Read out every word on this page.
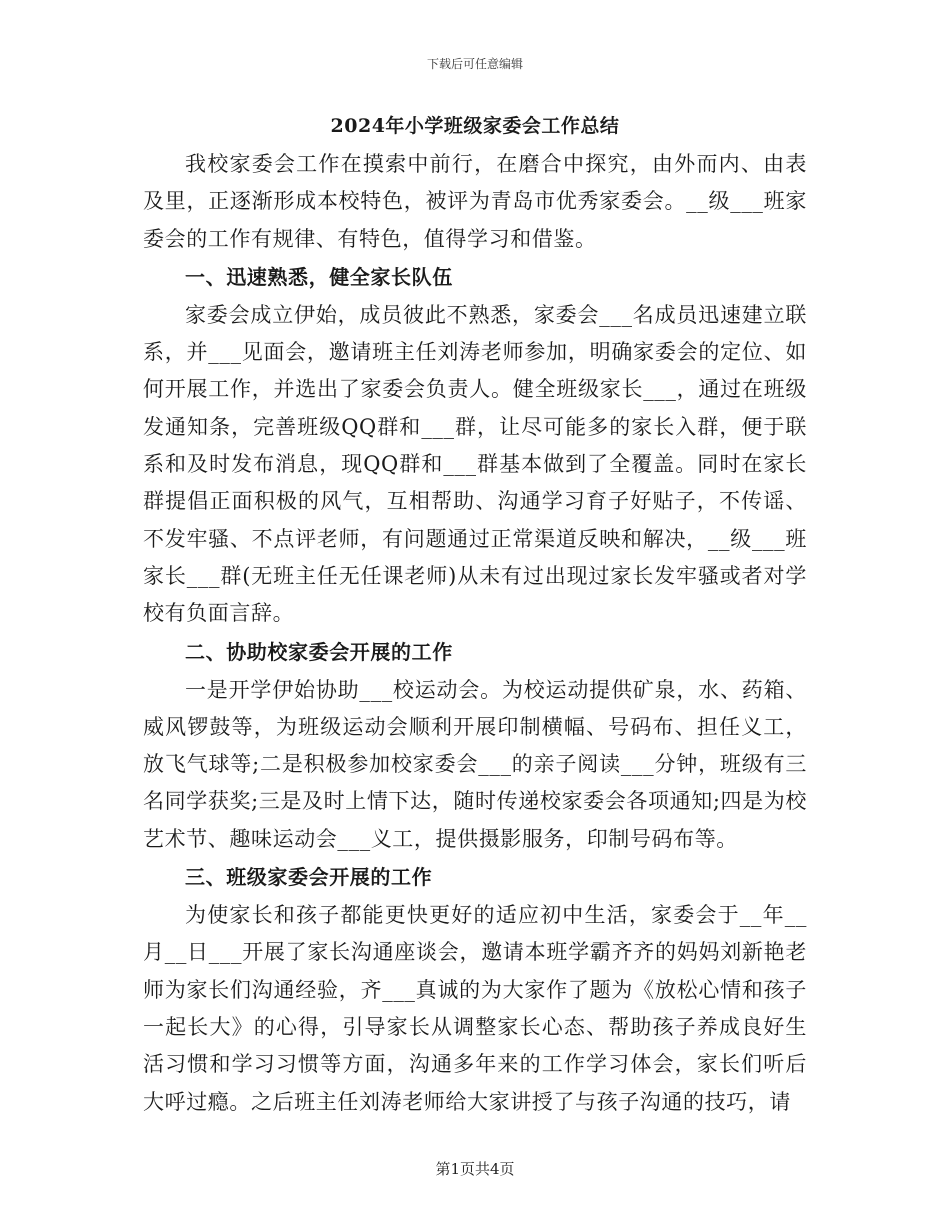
下载后可任意编辑
2024年小学班级家委会工作总结

我校家委会工作在摸索中前行，在磨合中探究，由外而内、由表及里，正逐渐形成本校特色，被评为青岛市优秀家委会。__级___班家委会的工作有规律、有特色，值得学习和借鉴。

一、迅速熟悉，健全家长队伍

家委会成立伊始，成员彼此不熟悉，家委会___名成员迅速建立联系，并___见面会，邀请班主任刘涛老师参加，明确家委会的定位、如何开展工作，并选出了家委会负责人。健全班级家长___，通过在班级发通知条，完善班级QQ群和___群，让尽可能多的家长入群，便于联系和及时发布消息，现QQ群和___群基本做到了全覆盖。同时在家长群提倡正面积极的风气，互相帮助、沟通学习育子好贴子，不传谣、不发牢骚、不点评老师，有问题通过正常渠道反映和解决，__级___班家长___群(无班主任无任课老师)从未有过出现过家长发牢骚或者对学校有负面言辞。

二、协助校家委会开展的工作

一是开学伊始协助___校运动会。为校运动提供矿泉，水、药箱、威风锣鼓等，为班级运动会顺利开展印制横幅、号码布、担任义工，放飞气球等;二是积极参加校家委会___的亲子阅读___分钟，班级有三名同学获奖;三是及时上情下达，随时传递校家委会各项通知;四是为校艺术节、趣味运动会___义工，提供摄影服务，印制号码布等。

三、班级家委会开展的工作

为使家长和孩子都能更快更好的适应初中生活，家委会于__年__月__日___开展了家长沟通座谈会，邀请本班学霸齐齐的妈妈刘新艳老师为家长们沟通经验，齐___真诚的为大家作了题为《放松心情和孩子一起长大》的心得，引导家长从调整家长心态、帮助孩子养成良好生活习惯和学习习惯等方面，沟通多年来的工作学习体会，家长们听后大呼过瘾。之后班主任刘涛老师给大家讲授了与孩子沟通的技巧，请

第1页共4页
